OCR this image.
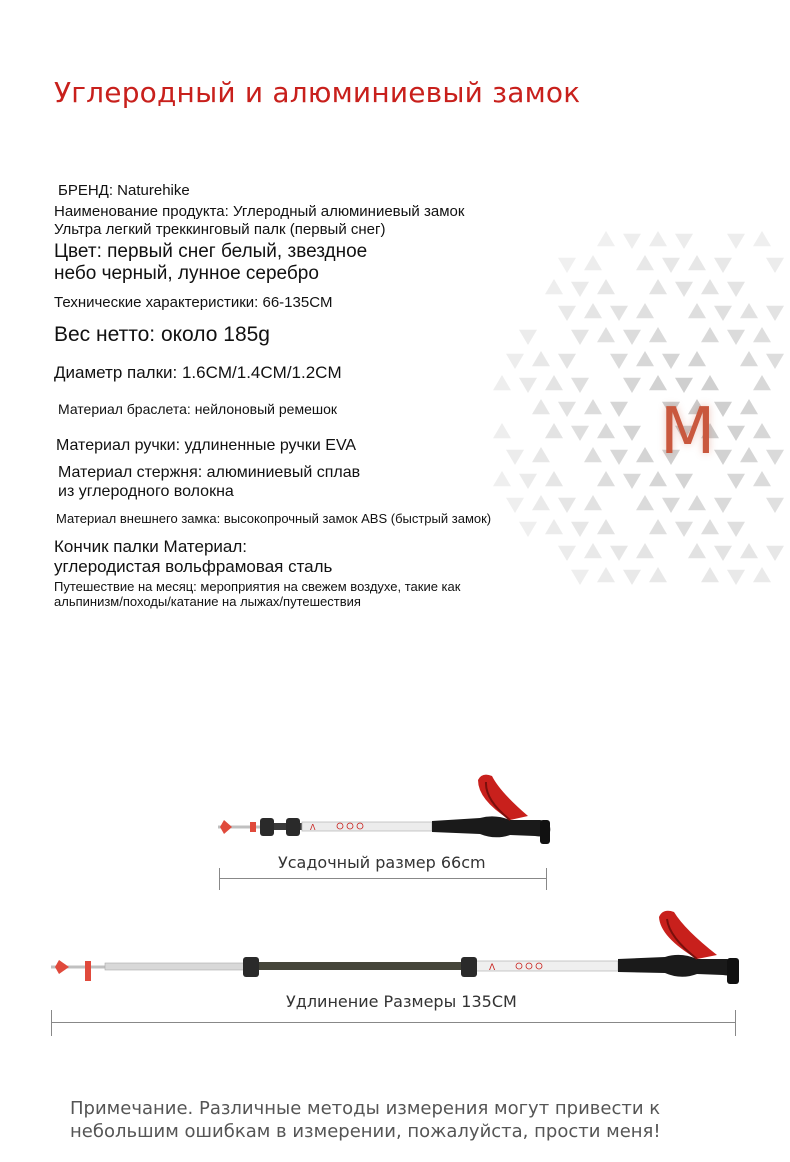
Углеродный и алюминиевый замок
M
БРЕНД: Naturehike
Наименование продукта: Углеродный алюминиевый замок
Ультра легкий треккинговый палк (первый снег)
Цвет: первый снег белый, звездное
небо черный, лунное серебро
Технические характеристики: 66-135CM
Вес нетто: около 185g
Диаметр палки: 1.6CM/1.4CM/1.2CM
Материал браслета: нейлоновый ремешок
Материал ручки: удлиненные ручки EVA
Материал стержня: алюминиевый сплав
из углеродного волокна
Материал внешнего замка: высокопрочный замок ABS (быстрый замок)
Кончик палки Материал:
углеродистая вольфрамовая сталь
Путешествие на месяц: мероприятия на свежем воздухе, такие как
альпинизм/походы/катание на лыжах/путешествия
Λ
Усадочный размер 66cm
Λ
Удлинение Размеры 135CM
Примечание. Различные методы измерения могут привести к небольшим ошибкам в измерении, пожалуйста, прости меня!
